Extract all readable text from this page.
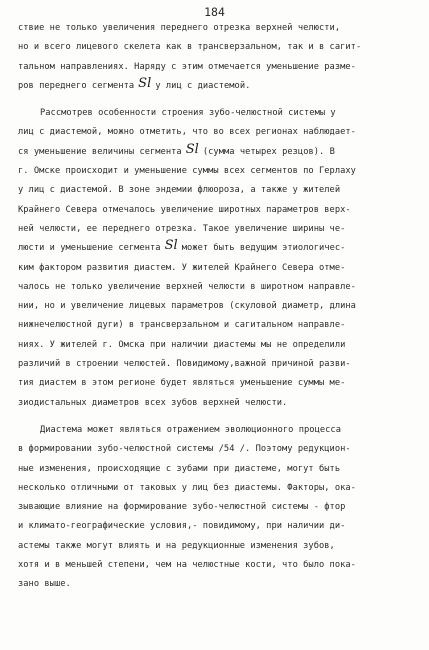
184
ствие не только увеличения переднего отрезка верхней челюсти,
но и всего лицевого скелета как в трансверзальном, так и в сагит-
тальном направлениях. Наряду с этим отмечается уменьшение разме-
ров переднего сегмента Sl у лиц с диастемой.
Рассмотрев особенности строения зубо-челюстной системы у
лиц с диастемой, можно отметить, что во всех регионах наблюдает-
ся уменьшение величины сегмента Sl (сумма четырех резцов). В
г. Омске происходит и уменьшение суммы всех сегментов по Герлаху
у лиц с диастемой. В зоне эндемии флюороза, а также у жителей
Крайнего Севера отмечалось увеличение широтных параметров верх-
ней челюсти, ее переднего отрезка. Такое увеличение ширины че-
люсти и уменьшение сегмента Sl может быть ведущим этиологичес-
ким фактором развития диастем. У жителей Крайнего Севера отме-
чалось не только увеличение верхней челюсти в широтном направле-
нии, но и увеличение лицевых параметров (скуловой диаметр, длина
нижнечелюстной дуги) в трансверзальном и сагитальном направле-
ниях. У жителей г. Омска при наличии диастемы мы не определили
различий в строении челюстей. Повидимому,важной причиной разви-
тия диастем в этом регионе будет являться уменьшение суммы ме-
зиодистальных диаметров всех зубов верхней челюсти.
Диастема может являться отражением эволюционного процесса
в формировании зубо-челюстной системы /54 /. Поэтому редукцион-
ные изменения, происходящие с зубами при диастеме, могут быть
несколько отличными от таковых у лиц без диастемы. Факторы, ока-
зывающие влияние на формирование зубо-челюстной системы - фтор
и климато-географические условия,- повидимому, при наличии ди-
астемы также могут влиять и на редукционные изменения зубов,
хотя и в меньшей степени, чем на челюстные кости, что было пока-
зано выше.
